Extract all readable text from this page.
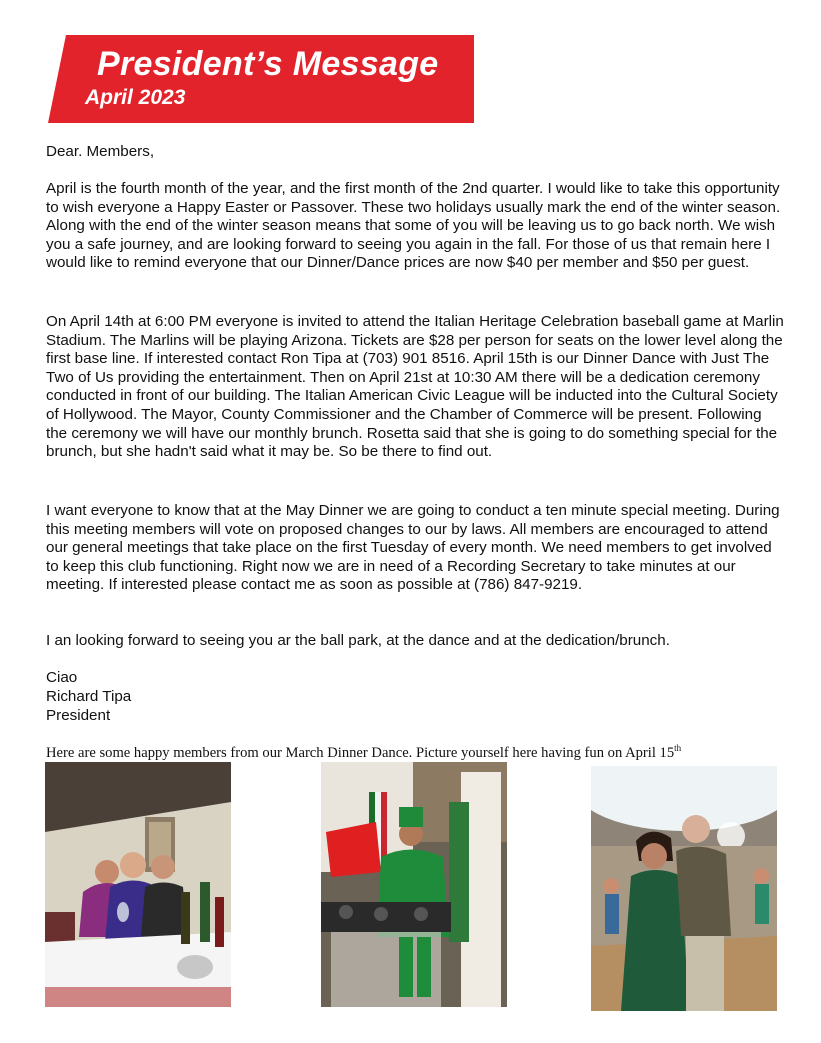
President’s Message
April 2023

Dear. Members,

April is the fourth month of the year, and the first month of the 2nd quarter. I would like to take this opportunity to wish everyone a Happy Easter or Passover. These two holidays usually mark the end of the winter season. Along with the end of the winter season means that some of you will be leaving us to go back north. We wish you a safe journey, and are looking forward to seeing you again in the fall. For those of us that remain here I would like to remind everyone that our Dinner/Dance prices are now $40 per member and $50 per guest.

On April 14th at 6:00 PM everyone is invited to attend the Italian Heritage Celebration baseball game at Marlin Stadium. The Marlins will be playing Arizona. Tickets are $28 per person for seats on the lower level along the first base line. If interested contact Ron Tipa at (703) 901 8516. April 15th is our Dinner Dance with Just The Two of Us providing the entertainment. Then on April 21st at 10:30 AM there will be a dedication ceremony conducted in front of our building. The Italian American Civic League will be inducted into the Cultural Society of Hollywood. The Mayor, County Commissioner and the Chamber of Commerce will be present. Following the ceremony we will have our monthly brunch. Rosetta said that she is going to do something special for the brunch, but she hadn't said what it may be. So be there to find out.

I want everyone to know that at the May Dinner we are going to conduct a ten minute special meeting. During this meeting members will vote on proposed changes to our by laws. All members are encouraged to attend our general meetings that take place on the first Tuesday of every month. We need members to get involved to keep this club functioning. Right now we are in need of a Recording Secretary to take minutes at our meeting. If interested please contact me as soon as possible at (786) 847-9219.

I an looking forward to seeing you ar the ball park, at the dance and at the dedication/brunch.

Ciao

Richard Tipa

President

Here are some happy members from our March Dinner Dance. Picture yourself here having fun on April 15th
